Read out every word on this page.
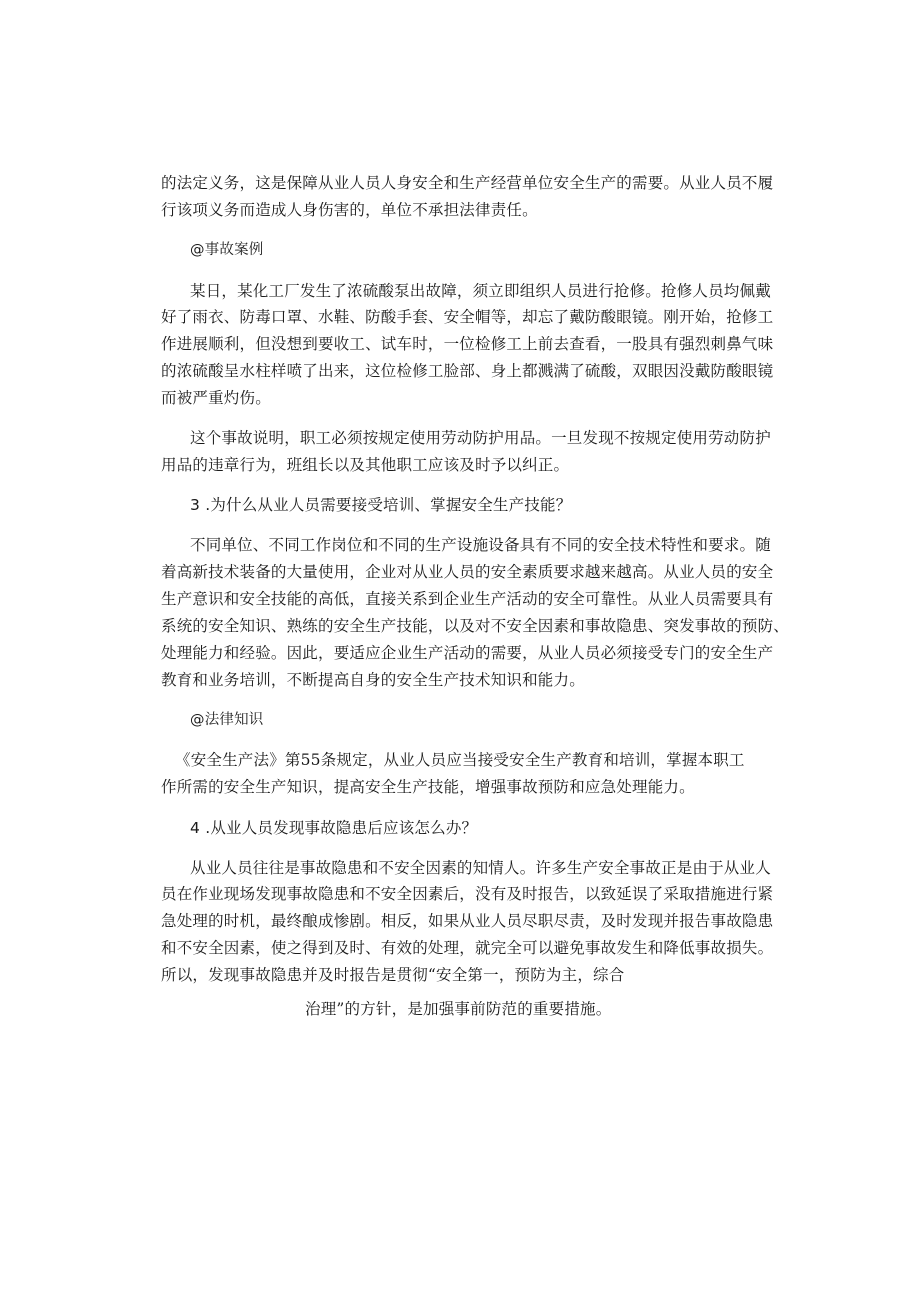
的法定义务，这是保障从业人员人身安全和生产经营单位安全生产的需要。从业人员不履
行该项义务而造成人身伤害的，单位不承担法律责任。
@事故案例
某日，某化工厂发生了浓硫酸泵出故障，须立即组织人员进行抢修。抢修人员均佩戴
好了雨衣、防毒口罩、水鞋、防酸手套、安全帽等，却忘了戴防酸眼镜。刚开始，抢修工
作进展顺利，但没想到要收工、试车时，一位检修工上前去查看，一股具有强烈刺鼻气味
的浓硫酸呈水柱样喷了出来，这位检修工脸部、身上都溅满了硫酸，双眼因没戴防酸眼镜
而被严重灼伤。
这个事故说明，职工必须按规定使用劳动防护用品。一旦发现不按规定使用劳动防护
用品的违章行为，班组长以及其他职工应该及时予以纠正。
3 .为什么从业人员需要接受培训、掌握安全生产技能？
不同单位、不同工作岗位和不同的生产设施设备具有不同的安全技术特性和要求。随
着高新技术装备的大量使用，企业对从业人员的安全素质要求越来越高。从业人员的安全
生产意识和安全技能的高低，直接关系到企业生产活动的安全可靠性。从业人员需要具有
系统的安全知识、熟练的安全生产技能，以及对不安全因素和事故隐患、突发事故的预防、
处理能力和经验。因此，要适应企业生产活动的需要，从业人员必须接受专门的安全生产
教育和业务培训，不断提高自身的安全生产技术知识和能力。
@法律知识
《安全生产法》第55条规定，从业人员应当接受安全生产教育和培训，掌握本职工
作所需的安全生产知识，提高安全生产技能，增强事故预防和应急处理能力。
4 .从业人员发现事故隐患后应该怎么办？
从业人员往往是事故隐患和不安全因素的知情人。许多生产安全事故正是由于从业人
员在作业现场发现事故隐患和不安全因素后，没有及时报告，以致延误了采取措施进行紧
急处理的时机，最终酿成惨剧。相反，如果从业人员尽职尽责，及时发现并报告事故隐患
和不安全因素，使之得到及时、有效的处理，就完全可以避免事故发生和降低事故损失。
所以，发现事故隐患并及时报告是贯彻“安全第一，预防为主，综合
治理”的方针，是加强事前防范的重要措施。
